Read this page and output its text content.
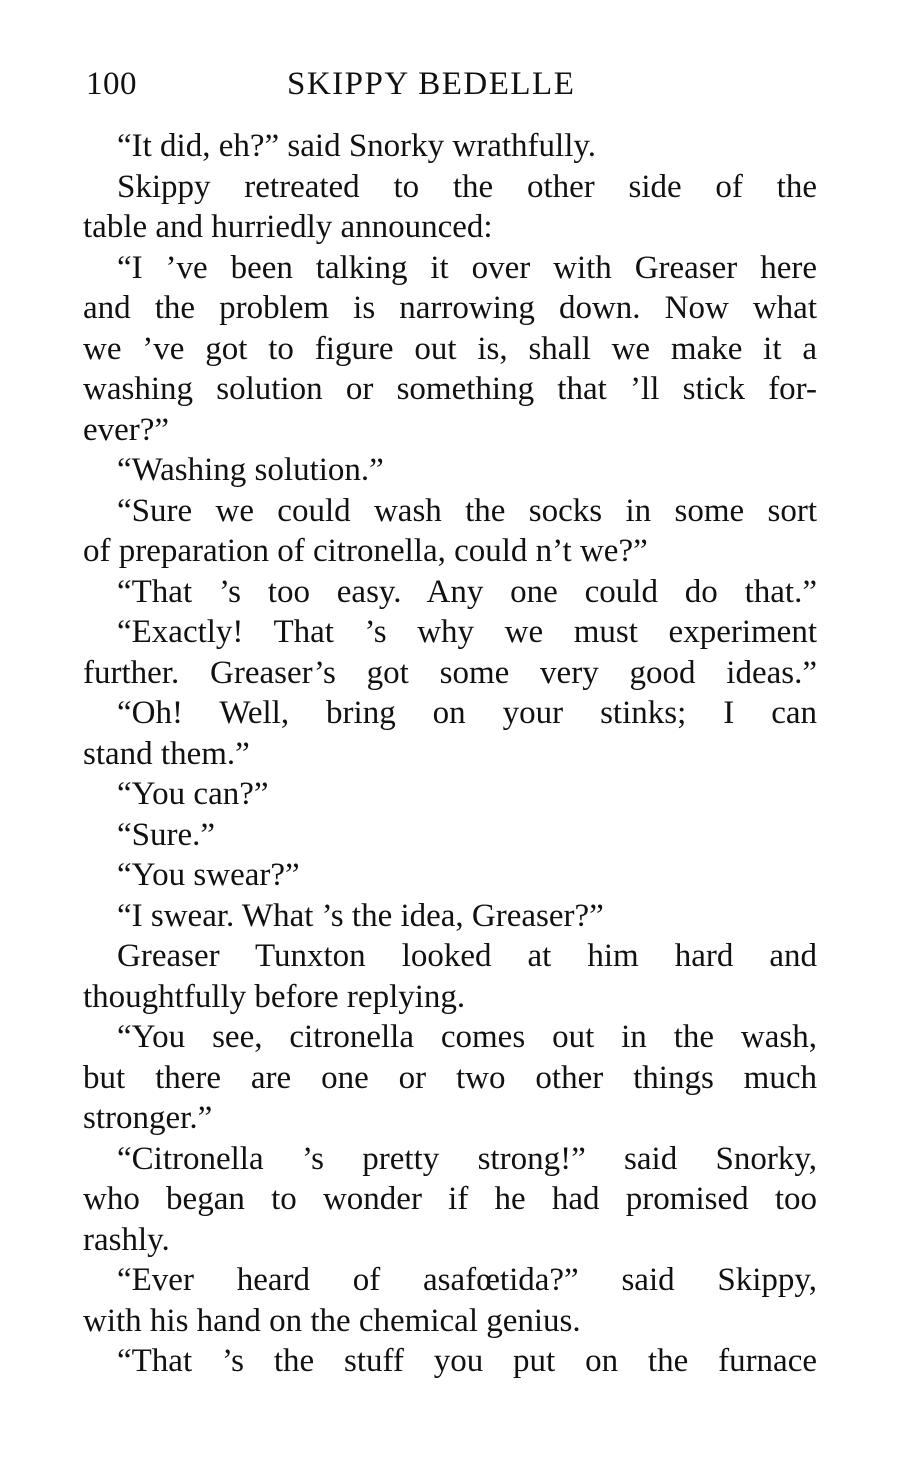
100	SKIPPY BEDELLE
“It did, eh?” said Snorky wrathfully.
Skippy retreated to the other side of the
table and hurriedly announced:
“I ’ve been talking it over with Greaser here
and the problem is narrowing down. Now what
we ’ve got to figure out is, shall we make it a
washing solution or something that ’ll stick for-
ever?”
“Washing solution.”
“Sure we could wash the socks in some sort
of preparation of citronella, could n’t we?”
“That ’s too easy. Any one could do that.”
“Exactly! That ’s why we must experiment
further. Greaser’s got some very good ideas.”
“Oh! Well, bring on your stinks; I can
stand them.”
“You can?”
“Sure.”
“You swear?”
“I swear. What ’s the idea, Greaser?”
Greaser Tunxton looked at him hard and
thoughtfully before replying.
“You see, citronella comes out in the wash,
but there are one or two other things much
stronger.”
“Citronella ’s pretty strong!” said Snorky,
who began to wonder if he had promised too
rashly.
“Ever heard of asafœtida?” said Skippy,
with his hand on the chemical genius.
“That ’s the stuff you put on the furnace
